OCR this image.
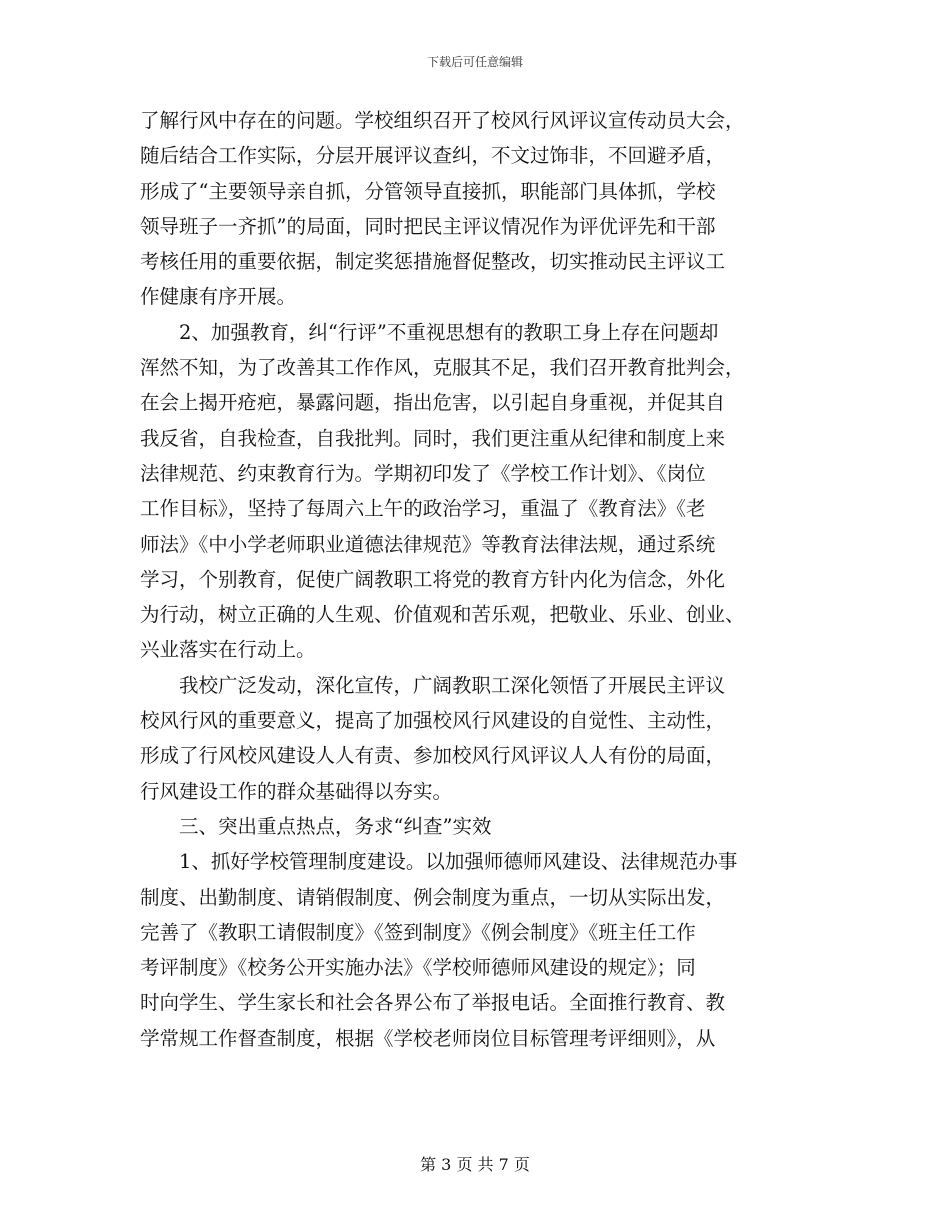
下载后可任意编辑
了解行风中存在的问题。学校组织召开了校风行风评议宣传动员大会，
随后结合工作实际，分层开展评议查纠，不文过饰非，不回避矛盾，
形成了“主要领导亲自抓，分管领导直接抓，职能部门具体抓，学校
领导班子一齐抓”的局面，同时把民主评议情况作为评优评先和干部
考核任用的重要依据，制定奖惩措施督促整改，切实推动民主评议工
作健康有序开展。
2、加强教育，纠“行评”不重视思想有的教职工身上存在问题却
浑然不知，为了改善其工作作风，克服其不足，我们召开教育批判会，
在会上揭开疮疤，暴露问题，指出危害，以引起自身重视，并促其自
我反省，自我检查，自我批判。同时，我们更注重从纪律和制度上来
法律规范、约束教育行为。学期初印发了《学校工作计划》、《岗位
工作目标》，坚持了每周六上午的政治学习，重温了《教育法》《老
师法》《中小学老师职业道德法律规范》等教育法律法规，通过系统
学习，个别教育，促使广阔教职工将党的教育方针内化为信念，外化
为行动，树立正确的人生观、价值观和苦乐观，把敬业、乐业、创业、
兴业落实在行动上。
我校广泛发动，深化宣传，广阔教职工深化领悟了开展民主评议
校风行风的重要意义，提高了加强校风行风建设的自觉性、主动性，
形成了行风校风建设人人有责、参加校风行风评议人人有份的局面，
行风建设工作的群众基础得以夯实。
三、突出重点热点，务求“纠查”实效
1、抓好学校管理制度建设。以加强师德师风建设、法律规范办事
制度、出勤制度、请销假制度、例会制度为重点，一切从实际出发，
完善了《教职工请假制度》《签到制度》《例会制度》《班主任工作
考评制度》《校务公开实施办法》《学校师德师风建设的规定》；同
时向学生、学生家长和社会各界公布了举报电话。全面推行教育、教
学常规工作督查制度，根据《学校老师岗位目标管理考评细则》，从
第 3 页 共 7 页
